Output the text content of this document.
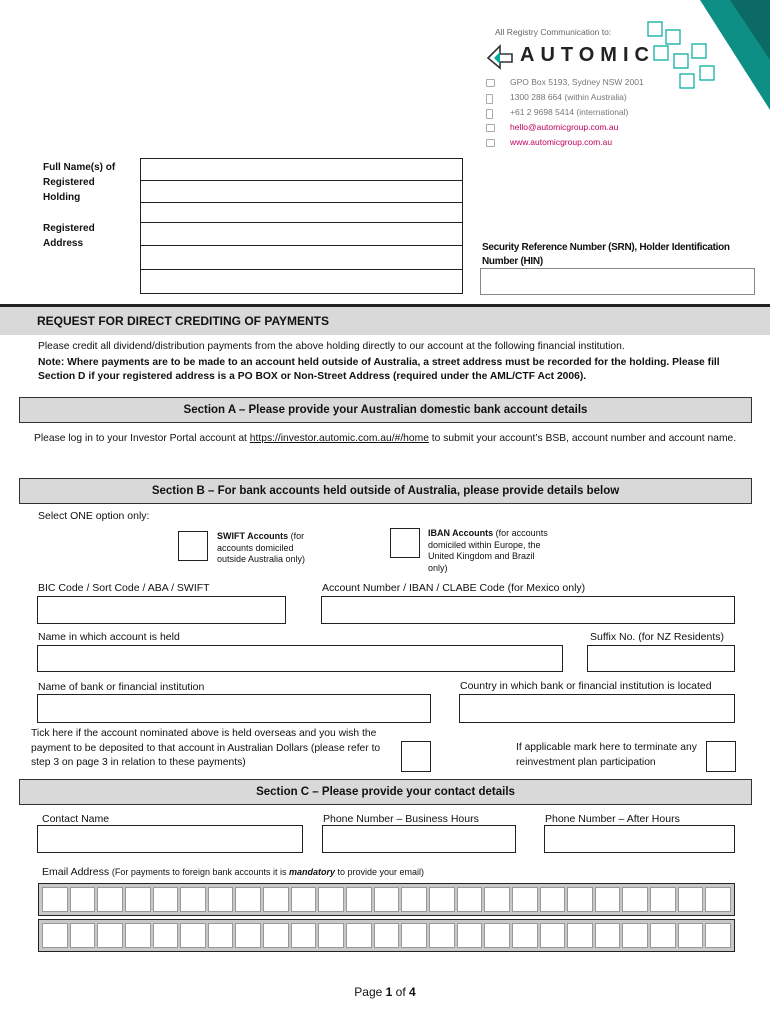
All Registry Communication to:
AUTOMIC
GPO Box 5193, Sydney NSW 2001
1300 288 664 (within Australia)
+61 2 9698 5414 (international)
hello@automicgroup.com.au
www.automicgroup.com.au
Full Name(s) of Registered Holding
Registered Address	Security Reference Number (SRN), Holder Identification Number (HIN)
REQUEST FOR DIRECT CREDITING OF PAYMENTS
Please credit all dividend/distribution payments from the above holding directly to our account at the following financial institution.
Note: Where payments are to be made to an account held outside of Australia, a street address must be recorded for the holding. Please fill Section D if your registered address is a PO BOX or Non-Street Address (required under the AML/CTF Act 2006).
Section A – Please provide your Australian domestic bank account details
Please log in to your Investor Portal account at https://investor.automic.com.au/#/home to submit your account’s BSB, account number and account name.
Section B – For bank accounts held outside of Australia, please provide details below
Select ONE option only:
SWIFT Accounts (for accounts domiciled outside Australia only)
IBAN Accounts (for accounts domiciled within Europe, the United Kingdom and Brazil only)
BIC Code / Sort Code / ABA / SWIFT	Account Number / IBAN / CLABE Code (for Mexico only)
Name in which account is held	Suffix No. (for NZ Residents)
Name of bank or financial institution	Country in which bank or financial institution is located
Tick here if the account nominated above is held overseas and you wish the payment to be deposited to that account in Australian Dollars (please refer to step 3 on page 3 in relation to these payments)
If applicable mark here to terminate any reinvestment plan participation
Section C – Please provide your contact details
Contact Name	Phone Number – Business Hours	Phone Number – After Hours
Email Address (For payments to foreign bank accounts it is mandatory to provide your email)
Page 1 of 4
